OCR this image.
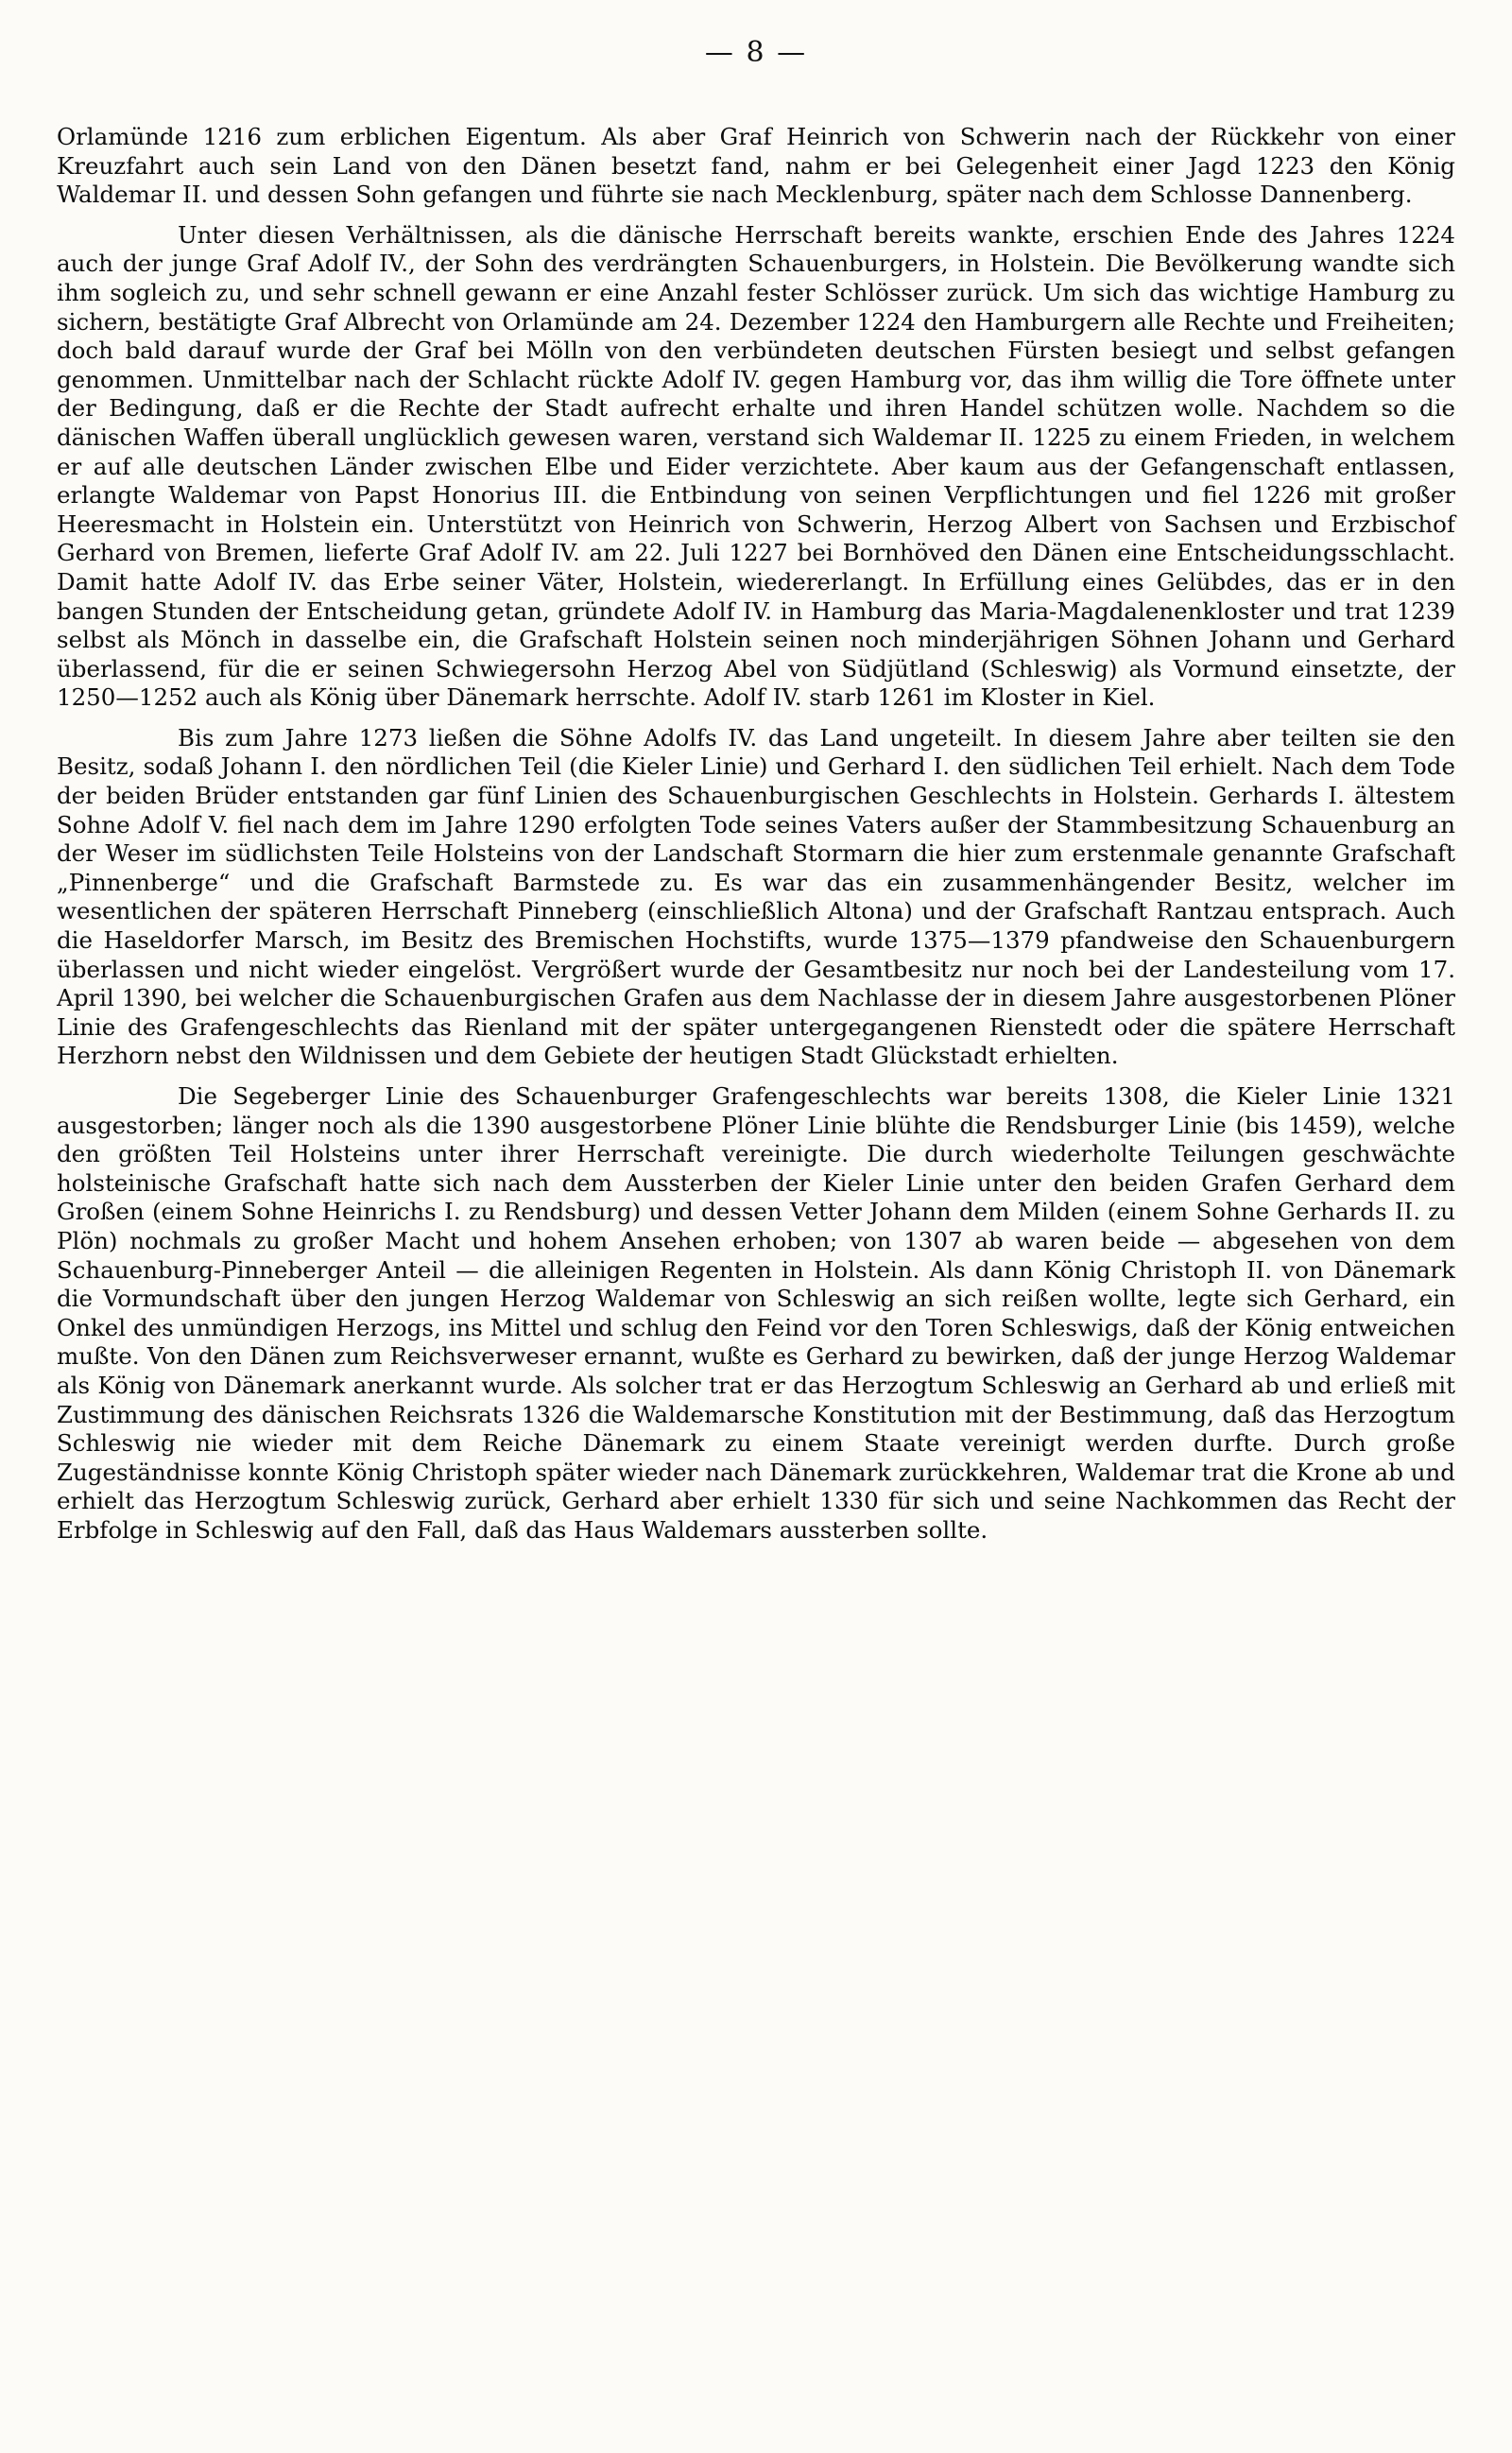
— 8 —

Orlamünde 1216 zum erblichen Eigentum. Als aber Graf Heinrich von Schwerin nach der Rückkehr von einer Kreuzfahrt auch sein Land von den Dänen besetzt fand, nahm er bei Gelegenheit einer Jagd 1223 den König Waldemar II. und dessen Sohn gefangen und führte sie nach Mecklenburg, später nach dem Schlosse Dannenberg.

Unter diesen Verhältnissen, als die dänische Herrschaft bereits wankte, erschien Ende des Jahres 1224 auch der junge Graf Adolf IV., der Sohn des verdrängten Schauenburgers, in Holstein. Die Bevölkerung wandte sich ihm sogleich zu, und sehr schnell gewann er eine Anzahl fester Schlösser zurück. Um sich das wichtige Hamburg zu sichern, bestätigte Graf Albrecht von Orlamünde am 24. Dezember 1224 den Hamburgern alle Rechte und Freiheiten; doch bald darauf wurde der Graf bei Mölln von den verbündeten deutschen Fürsten besiegt und selbst gefangen genommen. Unmittelbar nach der Schlacht rückte Adolf IV. gegen Hamburg vor, das ihm willig die Tore öffnete unter der Bedingung, daß er die Rechte der Stadt aufrecht erhalte und ihren Handel schützen wolle. Nachdem so die dänischen Waffen überall unglücklich gewesen waren, verstand sich Waldemar II. 1225 zu einem Frieden, in welchem er auf alle deutschen Länder zwischen Elbe und Eider verzichtete. Aber kaum aus der Gefangenschaft entlassen, erlangte Waldemar von Papst Honorius III. die Entbindung von seinen Verpflichtungen und fiel 1226 mit großer Heeresmacht in Holstein ein. Unterstützt von Heinrich von Schwerin, Herzog Albert von Sachsen und Erzbischof Gerhard von Bremen, lieferte Graf Adolf IV. am 22. Juli 1227 bei Bornhöved den Dänen eine Entscheidungsschlacht. Damit hatte Adolf IV. das Erbe seiner Väter, Holstein, wiedererlangt. In Erfüllung eines Gelübdes, das er in den bangen Stunden der Entscheidung getan, gründete Adolf IV. in Hamburg das Maria-Magdalenenkloster und trat 1239 selbst als Mönch in dasselbe ein, die Grafschaft Holstein seinen noch minderjährigen Söhnen Johann und Gerhard überlassend, für die er seinen Schwiegersohn Herzog Abel von Südjütland (Schleswig) als Vormund einsetzte, der 1250—1252 auch als König über Dänemark herrschte. Adolf IV. starb 1261 im Kloster in Kiel.

Bis zum Jahre 1273 ließen die Söhne Adolfs IV. das Land ungeteilt. In diesem Jahre aber teilten sie den Besitz, sodaß Johann I. den nördlichen Teil (die Kieler Linie) und Gerhard I. den südlichen Teil erhielt. Nach dem Tode der beiden Brüder entstanden gar fünf Linien des Schauenburgischen Geschlechts in Holstein. Gerhards I. ältestem Sohne Adolf V. fiel nach dem im Jahre 1290 erfolgten Tode seines Vaters außer der Stammbesitzung Schauenburg an der Weser im südlichsten Teile Holsteins von der Landschaft Stormarn die hier zum erstenmale genannte Grafschaft „Pinnenberge“ und die Grafschaft Barmstede zu. Es war das ein zusammenhängender Besitz, welcher im wesentlichen der späteren Herrschaft Pinneberg (einschließlich Altona) und der Grafschaft Rantzau entsprach. Auch die Haseldorfer Marsch, im Besitz des Bremischen Hochstifts, wurde 1375—1379 pfandweise den Schauenburgern überlassen und nicht wieder eingelöst. Vergrößert wurde der Gesamtbesitz nur noch bei der Landesteilung vom 17. April 1390, bei welcher die Schauenburgischen Grafen aus dem Nachlasse der in diesem Jahre ausgestorbenen Plöner Linie des Grafengeschlechts das Rienland mit der später untergegangenen Rienstedt oder die spätere Herrschaft Herzhorn nebst den Wildnissen und dem Gebiete der heutigen Stadt Glückstadt erhielten.

Die Segeberger Linie des Schauenburger Grafengeschlechts war bereits 1308, die Kieler Linie 1321 ausgestorben; länger noch als die 1390 ausgestorbene Plöner Linie blühte die Rendsburger Linie (bis 1459), welche den größten Teil Holsteins unter ihrer Herrschaft vereinigte. Die durch wiederholte Teilungen geschwächte holsteinische Grafschaft hatte sich nach dem Aussterben der Kieler Linie unter den beiden Grafen Gerhard dem Großen (einem Sohne Heinrichs I. zu Rendsburg) und dessen Vetter Johann dem Milden (einem Sohne Gerhards II. zu Plön) nochmals zu großer Macht und hohem Ansehen erhoben; von 1307 ab waren beide — abgesehen von dem Schauenburg-Pinneberger Anteil — die alleinigen Regenten in Holstein. Als dann König Christoph II. von Dänemark die Vormundschaft über den jungen Herzog Waldemar von Schleswig an sich reißen wollte, legte sich Gerhard, ein Onkel des unmündigen Herzogs, ins Mittel und schlug den Feind vor den Toren Schleswigs, daß der König entweichen mußte. Von den Dänen zum Reichsverweser ernannt, wußte es Gerhard zu bewirken, daß der junge Herzog Waldemar als König von Dänemark anerkannt wurde. Als solcher trat er das Herzogtum Schleswig an Gerhard ab und erließ mit Zustimmung des dänischen Reichsrats 1326 die Waldemarsche Konstitution mit der Bestimmung, daß das Herzogtum Schleswig nie wieder mit dem Reiche Dänemark zu einem Staate vereinigt werden durfte. Durch große Zugeständnisse konnte König Christoph später wieder nach Dänemark zurückkehren, Waldemar trat die Krone ab und erhielt das Herzogtum Schleswig zurück, Gerhard aber erhielt 1330 für sich und seine Nachkommen das Recht der Erbfolge in Schleswig auf den Fall, daß das Haus Waldemars aussterben sollte.
